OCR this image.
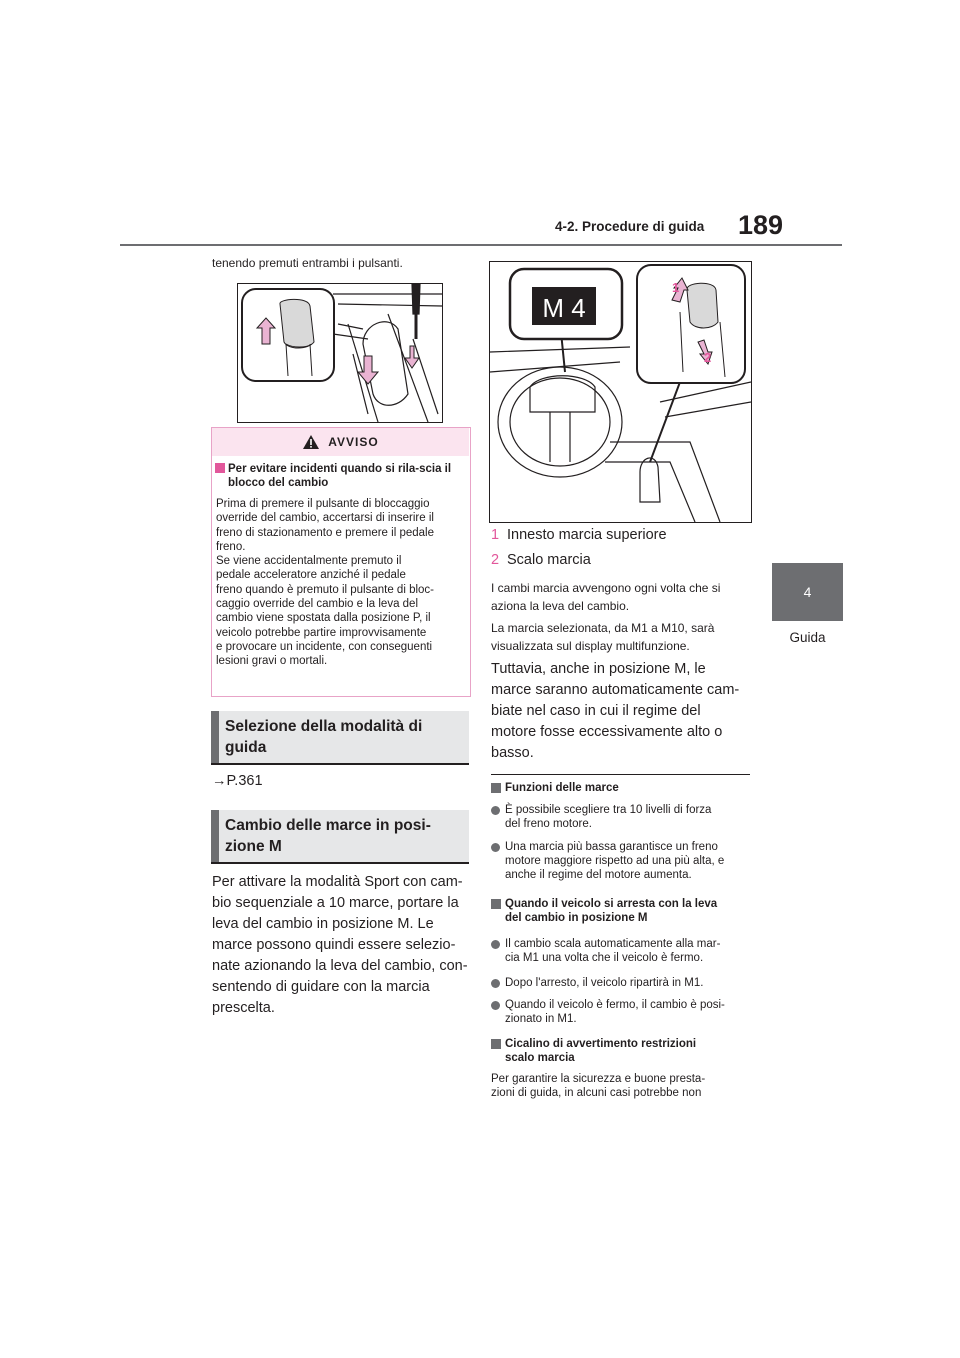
4-2. Procedure di guida 189
4
Guida
tenendo premuti entrambi i pulsanti.
AVVISO
Per evitare incidenti quando si rila-scia il blocco del cambio
Prima di premere il pulsante di bloccaggio
override del cambio, accertarsi di inserire il
freno di stazionamento e premere il pedale
freno.
Se viene accidentalmente premuto il
pedale acceleratore anziché il pedale
freno quando è premuto il pulsante di bloc-
caggio override del cambio e la leva del
cambio viene spostata dalla posizione P, il
veicolo potrebbe partire improvvisamente
e provocare un incidente, con conseguenti
lesioni gravi o mortali.
Selezione della modalità di
guida
→P.361
Cambio delle marce in posi-
zione M
Per attivare la modalità Sport con cam-
bio sequenziale a 10 marce, portare la
leva del cambio in posizione M. Le
marce possono quindi essere selezio-
nate azionando la leva del cambio, con-
sentendo di guidare con la marcia
prescelta.
M 4
1
2
1 Innesto marcia superiore
2 Scalo marcia
I cambi marcia avvengono ogni volta che si
aziona la leva del cambio.
La marcia selezionata, da M1 a M10, sarà
visualizzata sul display multifunzione.
Tuttavia, anche in posizione M, le
marce saranno automaticamente cam-
biate nel caso in cui il regime del
motore fosse eccessivamente alto o
basso.
Funzioni delle marce
È possibile scegliere tra 10 livelli di forza
del freno motore.
Una marcia più bassa garantisce un freno
motore maggiore rispetto ad una più alta, e
anche il regime del motore aumenta.
Quando il veicolo si arresta con la leva
del cambio in posizione M
Il cambio scala automaticamente alla mar-
cia M1 una volta che il veicolo è fermo.
Dopo l'arresto, il veicolo ripartirà in M1.
Quando il veicolo è fermo, il cambio è posi-
zionato in M1.
Cicalino di avvertimento restrizioni
scalo marcia
Per garantire la sicurezza e buone presta-
zioni di guida, in alcuni casi potrebbe non
